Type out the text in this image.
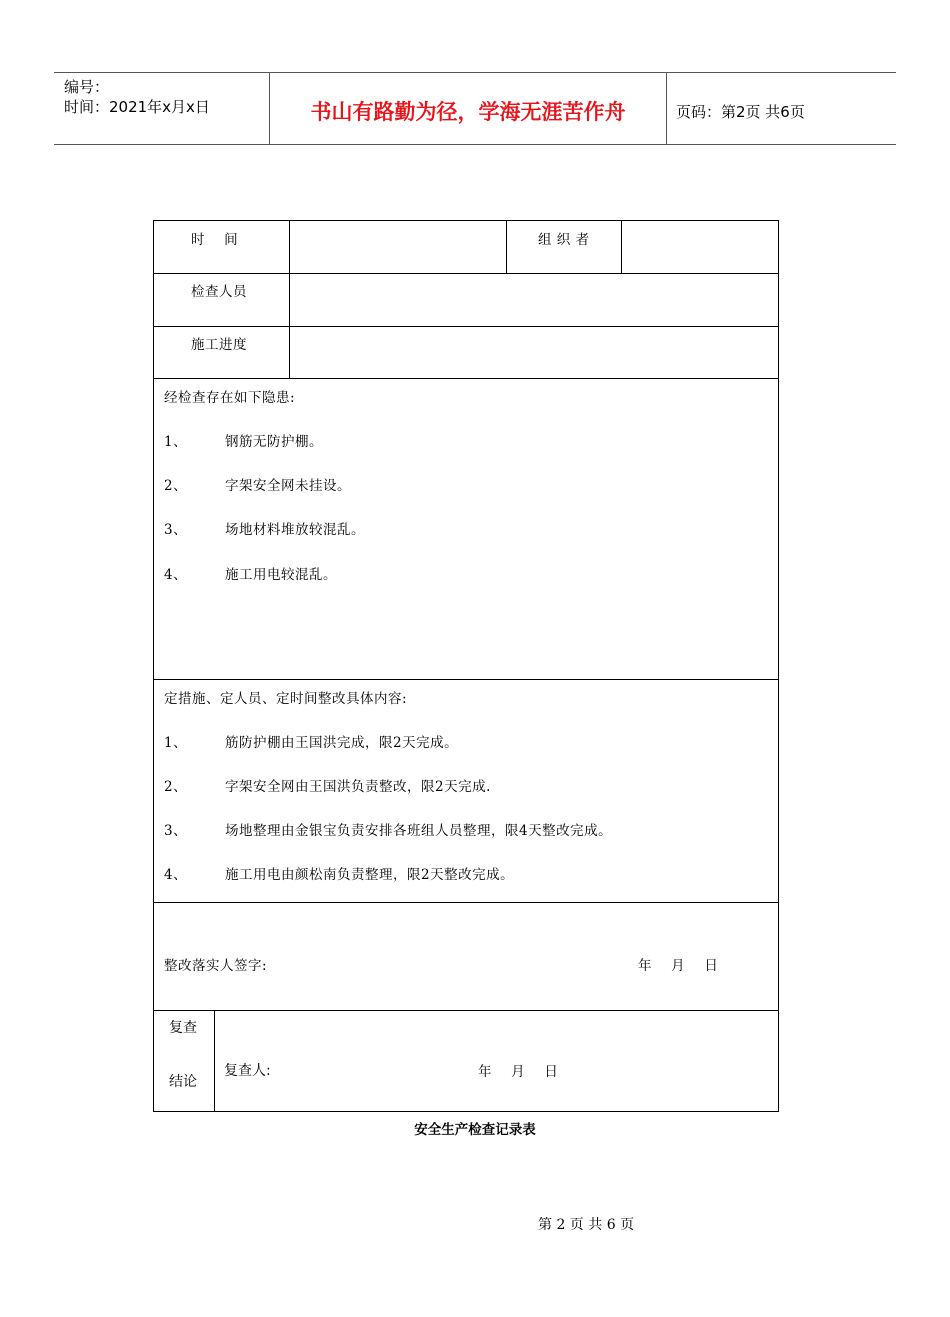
编号：
时间：2021年x月x日	书山有路勤为径，学海无涯苦作舟	页码：第2页 共6页
时    间	组 织 者
检查人员
施工进度
经检查存在如下隐患:
1、	钢筋无防护棚。
2、	字架安全网未挂设。
3、	场地材料堆放较混乱。
4、	施工用电较混乱。
定措施、定人员、定时间整改具体内容:
1、	筋防护棚由王国洪完成，限2天完成。
2、	字架安全网由王国洪负责整改，限2天完成.
3、	场地整理由金银宝负责安排各班组人员整理，限4天整改完成。
4、	施工用电由颜松南负责整理，限2天整改完成。
整改落实人签字:	年    月    日
复查
结论
复查人:	年    月    日
安全生产检查记录表
第 2 页 共 6 页
